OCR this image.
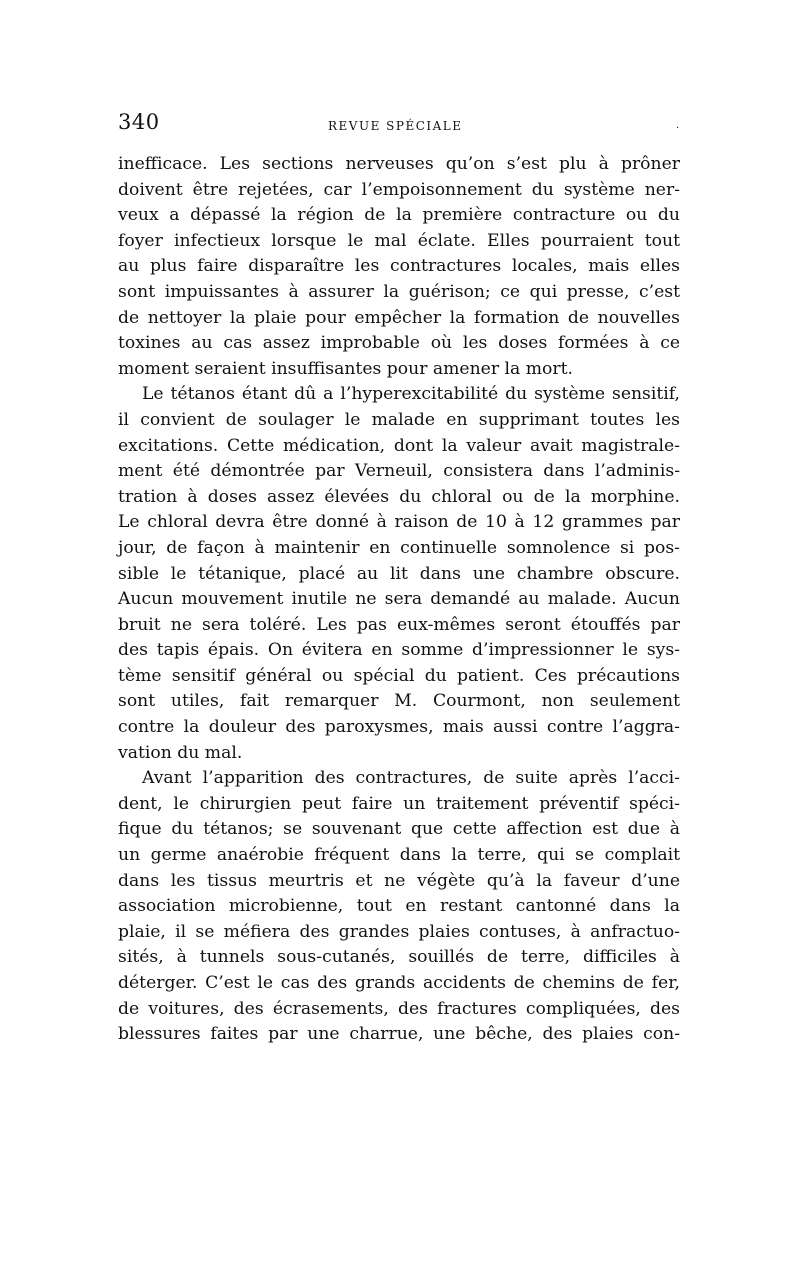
340	REVUE SPÉCIALE	·

inefficace. Les sections nerveuses qu’on s’est plu à prôner
doivent être rejetées, car l’empoisonnement du système ner-
veux a dépassé la région de la première contracture ou du
foyer infectieux lorsque le mal éclate. Elles pourraient tout
au plus faire disparaître les contractures locales, mais elles
sont impuissantes à assurer la guérison; ce qui presse, c’est
de nettoyer la plaie pour empêcher la formation de nouvelles
toxines au cas assez improbable où les doses formées à ce
moment seraient insuffisantes pour amener la mort.

Le tétanos étant dû a l’hyperexcitabilité du système sensitif,
il convient de soulager le malade en supprimant toutes les
excitations. Cette médication, dont la valeur avait magistrale-
ment été démontrée par Verneuil, consistera dans l’adminis-
tration à doses assez élevées du chloral ou de la morphine.
Le chloral devra être donné à raison de 10 à 12 grammes par
jour, de façon à maintenir en continuelle somnolence si pos-
sible le tétanique, placé au lit dans une chambre obscure.
Aucun mouvement inutile ne sera demandé au malade. Aucun
bruit ne sera toléré. Les pas eux-mêmes seront étouffés par
des tapis épais. On évitera en somme d’impressionner le sys-
tème sensitif général ou spécial du patient. Ces précautions
sont utiles, fait remarquer M. Courmont, non seulement
contre la douleur des paroxysmes, mais aussi contre l’aggra-
vation du mal.

Avant l’apparition des contractures, de suite après l’acci-
dent, le chirurgien peut faire un traitement préventif spéci-
fique du tétanos; se souvenant que cette affection est due à
un germe anaérobie fréquent dans la terre, qui se complait
dans les tissus meurtris et ne végète qu’à la faveur d’une
association microbienne, tout en restant cantonné dans la
plaie, il se méfiera des grandes plaies contuses, à anfractuo-
sités, à tunnels sous-cutanés, souillés de terre, difficiles à
déterger. C’est le cas des grands accidents de chemins de fer,
de voitures, des écrasements, des fractures compliquées, des
blessures faites par une charrue, une bêche, des plaies con-
